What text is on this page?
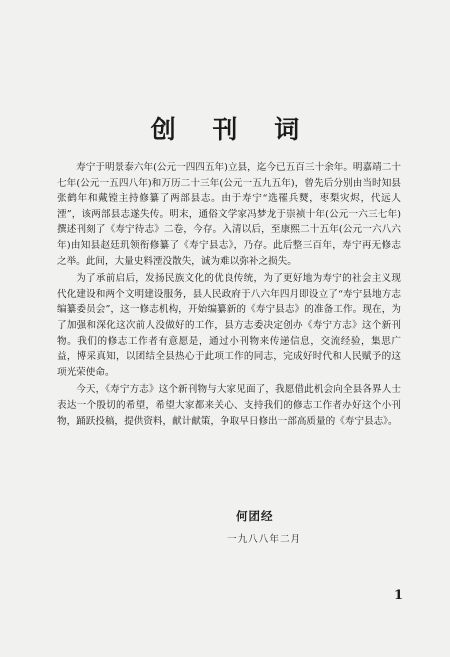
创 刊 词

寿宁于明景泰六年(公元一四四五年)立县，迄今已五百三十余年。明嘉靖二十七年(公元一五四八年)和万历二十三年(公元一五九五年)，曾先后分别由当时知县张鹤年和戴镗主持修纂了两部县志。由于寿宁“选罹兵燹，枣梨灾烬，代远人湮”，该两部县志遂失传。明末，通俗文学家冯梦龙于崇祯十年(公元一六三七年)撰述刊刻了《寿宁待志》二卷，今存。入清以后，至康熙二十五年(公元一六八六年)由知县赵廷玑领衔修纂了《寿宁县志》，乃存。此后整三百年，寿宁再无修志之举。此间，大量史料湮没散失，诚为难以弥补之损失。

为了承前启后，发扬民族文化的优良传统，为了更好地为寿宁的社会主义现代化建设和两个文明建设服务，县人民政府于八六年四月即设立了“寿宁县地方志编纂委员会”，这一修志机构，开始编纂新的《寿宁县志》的准备工作。现在，为了加强和深化这次前人没做好的工作，县方志委决定创办《寿宁方志》这个新刊物。我们的修志工作者有意愿是，通过小刊物来传递信息，交流经验，集思广益，博采真知，以团结全县热心于此项工作的同志，完成好时代和人民赋予的这项光荣使命。

今天，《寿宁方志》这个新刊物与大家见面了，我愿借此机会向全县各界人士表达一个殷切的希望，希望大家都来关心、支持我们的修志工作者办好这个小刊物，踊跃投稿，提供资料，献计献策，争取早日修出一部高质量的《寿宁县志》。

何团经
一九八八年二月
1
